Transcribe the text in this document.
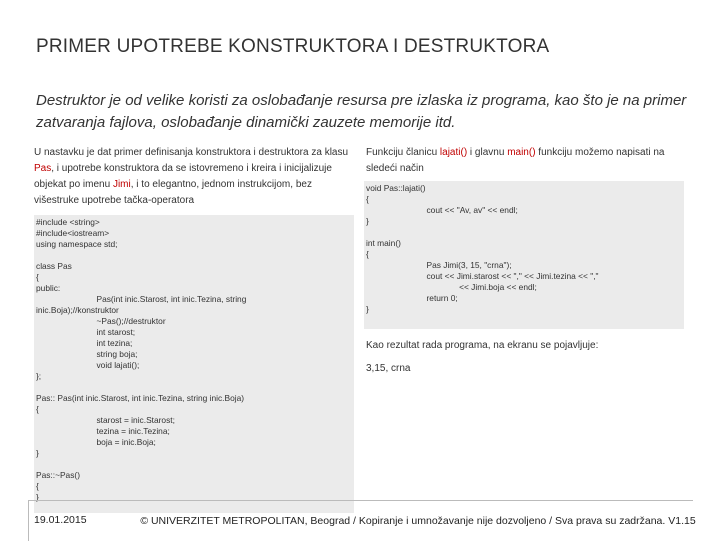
PRIMER UPOTREBE KONSTRUKTORA I DESTRUKTORA
Destruktor je od velike koristi za oslobađanje resursa pre izlaska iz programa, kao što je na primer zatvaranja fajlova, oslobađanje dinamički zauzete memorije itd.

U nastavku je dat primer definisanja konstruktora i destruktora za klasu Pas, i upotrebe konstruktora da se istovremeno i kreira i inicijalizuje objekat po imenu Jimi, i to elegantno, jednom instrukcijom, bez višestruke upotrebe tačka-operatora

#include <string>
#include<iostream>
using namespace std;
class Pas
{
public:
Pas(int inic.Starost, int inic.Tezina, string
inic.Boja);//konstruktor
~Pas();//destruktor
int starost;
int tezina;
string boja;
void lajati();
};
Pas:: Pas(int inic.Starost, int inic.Tezina, string inic.Boja)
{
starost = inic.Starost;
tezina = inic.Tezina;
boja = inic.Boja;
}
Pas::~Pas()
{
}
Funkciju članicu lajati() i glavnu main() funkciju možemo napisati na sledeći način
void Pas::lajati()
{
cout << "Av, av" << endl;
}
int main()
{
Pas Jimi(3, 15, "crna");
cout << Jimi.starost << "," << Jimi.tezina << ","
<< Jimi.boja << endl;
return 0;
}
Kao rezultat rada programa, na ekranu se pojavljuje:
3,15, crna
19.01.2015	© UNIVERZITET METROPOLITAN, Beograd / Kopiranje i umnožavanje nije dozvoljeno / Sva prava su zadržana. V1.15
